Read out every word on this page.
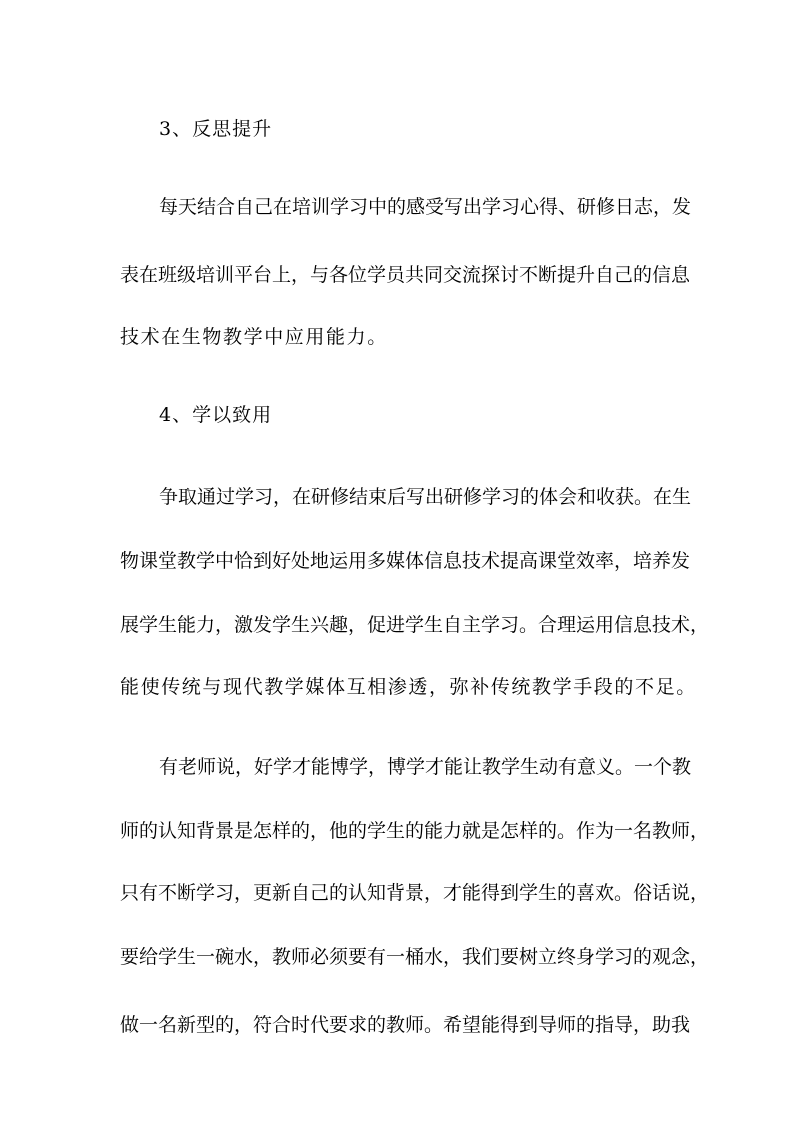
3、反思提升
每天结合自己在培训学习中的感受写出学习心得、研修日志，发
表在班级培训平台上，与各位学员共同交流探讨不断提升自己的信息
技术在生物教学中应用能力。
4、学以致用
争取通过学习，在研修结束后写出研修学习的体会和收获。在生
物课堂教学中恰到好处地运用多媒体信息技术提高课堂效率，培养发
展学生能力，激发学生兴趣，促进学生自主学习。合理运用信息技术，
能使传统与现代教学媒体互相渗透，弥补传统教学手段的不足。
有老师说，好学才能博学，博学才能让教学生动有意义。一个教
师的认知背景是怎样的，他的学生的能力就是怎样的。作为一名教师，
只有不断学习，更新自己的认知背景，才能得到学生的喜欢。俗话说，
要给学生一碗水，教师必须要有一桶水，我们要树立终身学习的观念，
做一名新型的，符合时代要求的教师。希望能得到导师的指导，助我
